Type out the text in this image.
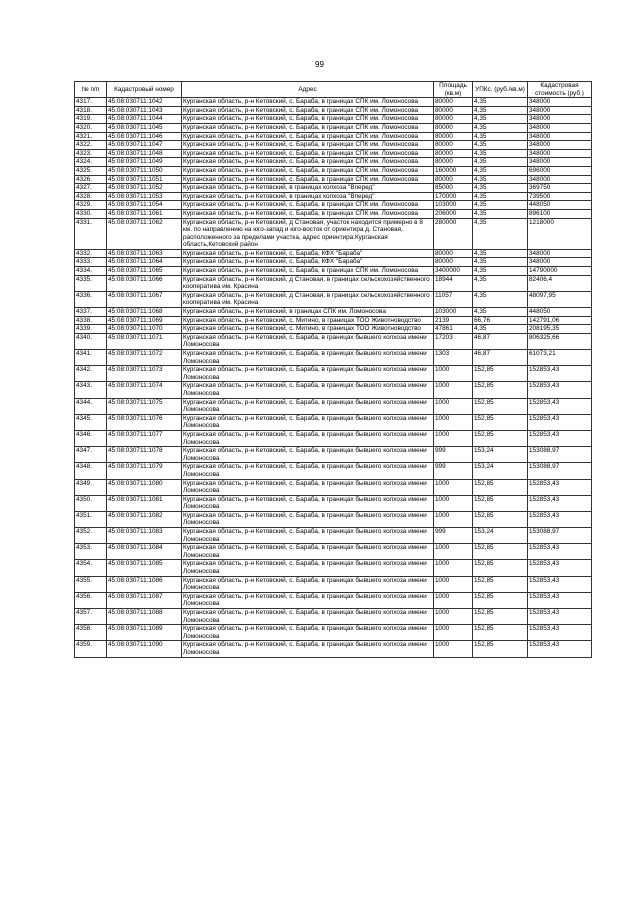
99
№ п/п	Кадастровый номер	Адрес	Площадь (кв.м)	УПКс. (руб./кв.м)	Кадастровая стоимость (руб.)
4317.	45:08:030711:1042	Курганская область, р-н Кетовский, с. Бараба, в границах СПК им. Ломоносова	80000	4,35	348000
4318.	45:08:030711:1043	Курганская область, р-н Кетовский, с. Бараба, в границах СПК им. Ломоносова	80000	4,35	348000
4319.	45:08:030711:1044	Курганская область, р-н Кетовский, с. Бараба, в границах СПК им. Ломоносова	80000	4,35	348000
4320.	45:08:030711:1045	Курганская область, р-н Кетовский, с. Бараба, в границах СПК им. Ломоносова	80000	4,35	348000
4321.	45:08:030711:1046	Курганская область, р-н Кетовский, с. Бараба, в границах СПК им. Ломоносова	80000	4,35	348000
4322.	45:08:030711:1047	Курганская область, р-н Кетовский, с. Бараба, в границах СПК им. Ломоносова	80000	4,35	348000
4323.	45:08:030711:1048	Курганская область, р-н Кетовский, с. Бараба, в границах СПК им. Ломоносова	80000	4,35	348000
4324.	45:08:030711:1049	Курганская область, р-н Кетовский, с. Бараба, в границах СПК им. Ломоносова	80000	4,35	348000
4325.	45:08:030711:1050	Курганская область, р-н Кетовский, с. Бараба, в границах СПК им. Ломоносова	160000	4,35	696000
4326.	45:08:030711:1051	Курганская область, р-н Кетовский, с. Бараба, в границах СПК им. Ломоносова	80000	4,35	348000
4327.	45:08:030711:1052	Курганская область, р-н Кетовский, в границах колхоза "Вперед"	85000	4,35	369750
4328.	45:08:030711:1053	Курганская область, р-н Кетовский, в границах колхоза "Вперед"	170000	4,35	739500
4329.	45:08:030711:1054	Курганская область, р-н Кетовский, с. Бараба, в границах СПК им. Ломоносова	103000	4,35	448050
4330.	45:08:030711:1061	Курганская область, р-н Кетовский, с. Бараба, в границах СПК им. Ломоносова	206000	4,35	896100
4331.	45:08:030711:1062	Курганская область, р-н Кетовский, д Становая, участок находится примерно в 8 км. по направлению на юго-запад и юго-восток от ориентира д. Становая, расположенного за пределами участка, адрес ориентира:Курганская область,Кетовский район	280000	4,35	1218000
4332.	45:08:030711:1063	Курганская область, р-н Кетовский, с. Бараба, КФХ "Бараба"	80000	4,35	348000
4333.	45:08:030711:1064	Курганская область, р-н Кетовский, с. Бараба, КФХ "Бараба"	80000	4,35	348000
4334.	45:08:030711:1065	Курганская область, р-н Кетовский, с. Бараба, в границах СПК им. Ломоносова	3400000	4,35	14790000
4335.	45:08:030711:1066	Курганская область, р-н Кетовский, д Становая, в границах сельскохозяйственного кооператива им. Красина	18944	4,35	82406,4
4336.	45:08:030711:1067	Курганская область, р-н Кетовский, д Становая, в границах сельскохозяйственного кооператива им. Красина	11057	4,35	48097,95
4337.	45:08:030711:1068	Курганская область, р-н Кетовский, в границах СПК им. Ломоносова	103000	4,35	448050
4338.	45:08:030711:1069	Курганская область, р-н Кетовский, с. Митино, в границах ТОО Животноводство	2139	66,76	142791,06
4339.	45:08:030711:1070	Курганская область, р-н Кетовский, с. Митино, в границах ТОО Животноводство	47861	4,35	208195,35
4340.	45:08:030711:1071	Курганская область, р-н Кетовский, с. Бараба, в границах бывшего колхоза имени Ломоносова	17203	46,87	806325,66
4341.	45:08:030711:1072	Курганская область, р-н Кетовский, с. Бараба, в границах бывшего колхоза имени Ломоносова	1303	46,87	61073,21
4342.	45:08:030711:1073	Курганская область, р-н Кетовский, с. Бараба, в границах бывшего колхоза имени Ломоносова	1000	152,85	152853,43
4343.	45:08:030711:1074	Курганская область, р-н Кетовский, с. Бараба, в границах бывшего колхоза имени Ломоносова	1000	152,85	152853,43
4344.	45:08:030711:1075	Курганская область, р-н Кетовский, с. Бараба, в границах бывшего колхоза имени Ломоносова	1000	152,85	152853,43
4345.	45:08:030711:1076	Курганская область, р-н Кетовский, с. Бараба, в границах бывшего колхоза имени Ломоносова	1000	152,85	152853,43
4346.	45:08:030711:1077	Курганская область, р-н Кетовский, с. Бараба, в границах бывшего колхоза имени Ломоносова	1000	152,85	152853,43
4347.	45:08:030711:1078	Курганская область, р-н Кетовский, с. Бараба, в границах бывшего колхоза имени Ломоносова	999	153,24	153088,97
4348.	45:08:030711:1079	Курганская область, р-н Кетовский, с. Бараба, в границах бывшего колхоза имени Ломоносова	999	153,24	153088,97
4349.	45:08:030711:1080	Курганская область, р-н Кетовский, с. Бараба, в границах бывшего колхоза имени Ломоносова	1000	152,85	152853,43
4350.	45:08:030711:1081	Курганская область, р-н Кетовский, с. Бараба, в границах бывшего колхоза имени Ломоносова	1000	152,85	152853,43
4351.	45:08:030711:1082	Курганская область, р-н Кетовский, с. Бараба, в границах бывшего колхоза имени Ломоносова	1000	152,85	152853,43
4352.	45:08:030711:1083	Курганская область, р-н Кетовский, с. Бараба, в границах бывшего колхоза имени Ломоносова	999	153,24	153088,97
4353.	45:08:030711:1084	Курганская область, р-н Кетовский, с. Бараба, в границах бывшего колхоза имени Ломоносова	1000	152,85	152853,43
4354.	45:08:030711:1085	Курганская область, р-н Кетовский, с. Бараба, в границах бывшего колхоза имени Ломоносова	1000	152,85	152853,43
4355.	45:08:030711:1086	Курганская область, р-н Кетовский, с. Бараба, в границах бывшего колхоза имени Ломоносова	1000	152,85	152853,43
4356.	45:08:030711:1087	Курганская область, р-н Кетовский, с. Бараба, в границах бывшего колхоза имени Ломоносова	1000	152,85	152853,43
4357.	45:08:030711:1088	Курганская область, р-н Кетовский, с. Бараба, в границах бывшего колхоза имени Ломоносова	1000	152,85	152853,43
4358.	45:08:030711:1089	Курганская область, р-н Кетовский, с. Бараба, в границах бывшего колхоза имени Ломоносова	1000	152,85	152853,43
4359.	45:08:030711:1090	Курганская область, р-н Кетовский, с. Бараба, в границах бывшего колхоза имени Ломоносова	1000	152,85	152853,43
